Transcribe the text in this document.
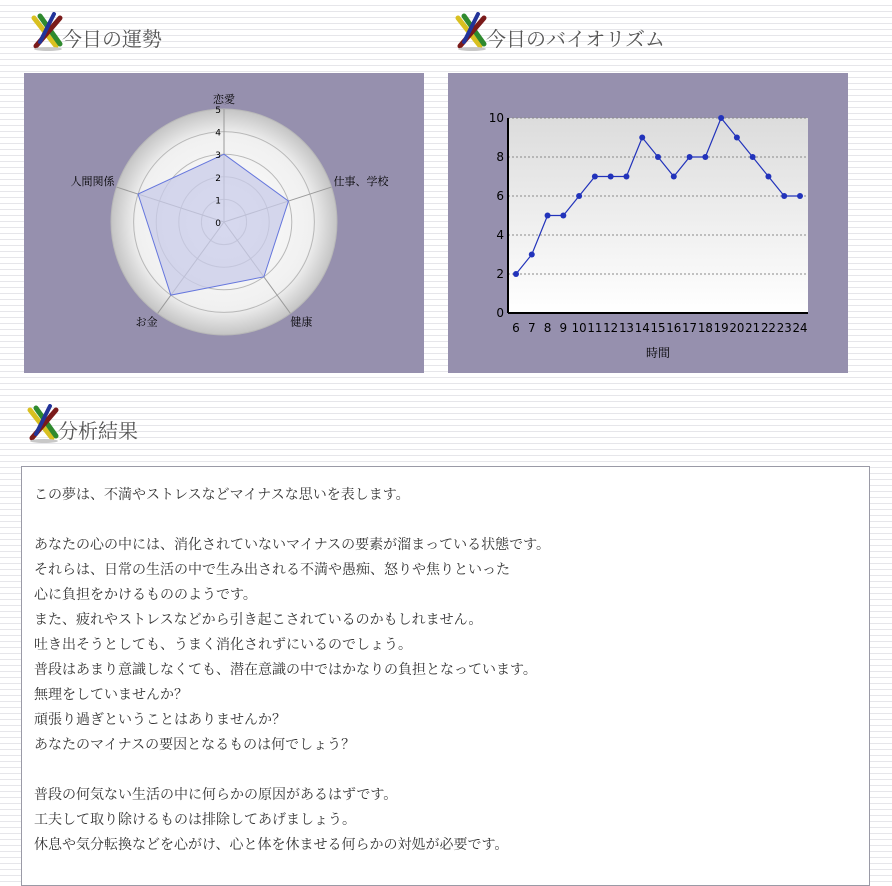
今日の運勢	今日のバイオリズム
0
1
2
3
4
5
恋愛
仕事、学校
健康
お金
人間関係
0
2
4
6
8
10
6 7 8 9 10 11 12 13 14 15 16 17 18 19 20 21 22 23 24
時間
分析結果
この夢は、不満やストレスなどマイナスな思いを表します。
あなたの心の中には、消化されていないマイナスの要素が溜まっている状態です。
それらは、日常の生活の中で生み出される不満や愚痴、怒りや焦りといった
心に負担をかけるもののようです。
また、疲れやストレスなどから引き起こされているのかもしれません。
吐き出そうとしても、うまく消化されずにいるのでしょう。
普段はあまり意識しなくても、潜在意識の中ではかなりの負担となっています。
無理をしていませんか？
頑張り過ぎということはありませんか？
あなたのマイナスの要因となるものは何でしょう？
普段の何気ない生活の中に何らかの原因があるはずです。
工夫して取り除けるものは排除してあげましょう。
休息や気分転換などを心がけ、心と体を休ませる何らかの対処が必要です。
